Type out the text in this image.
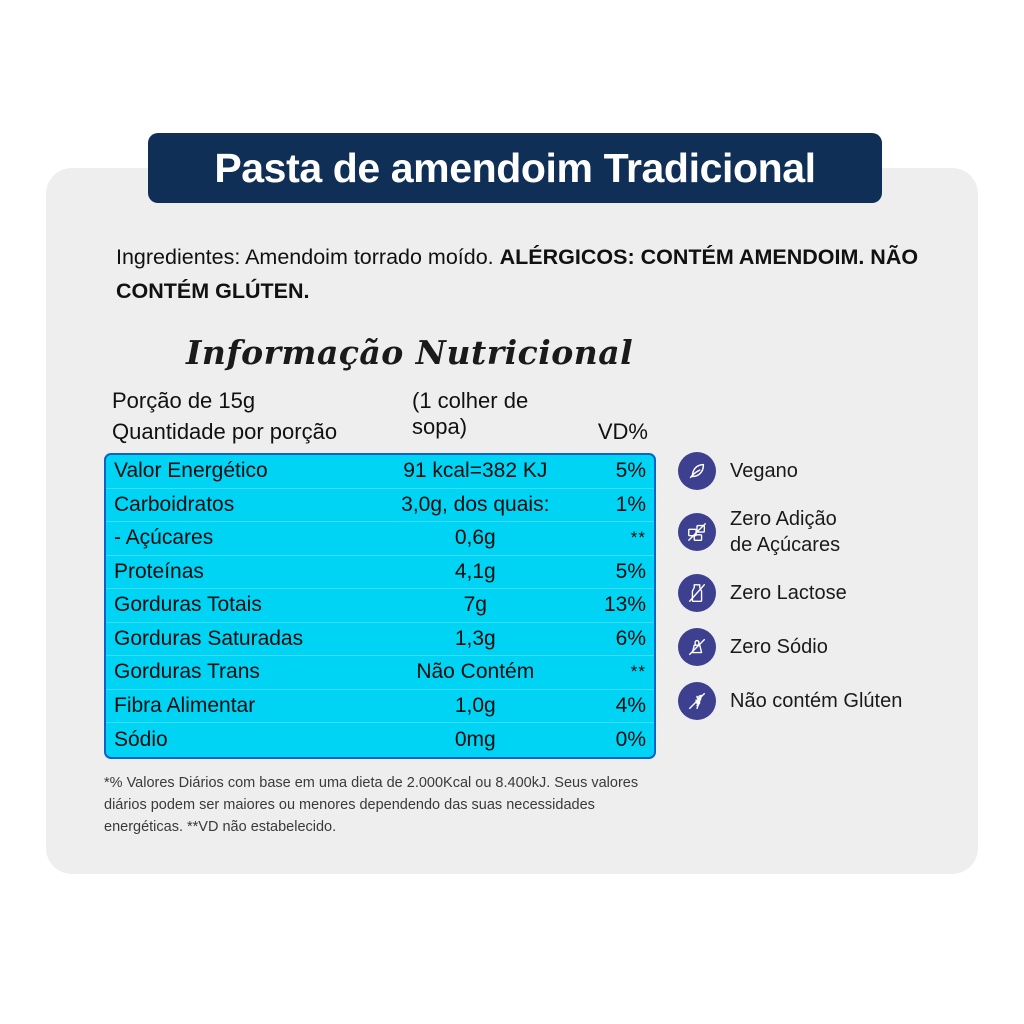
Pasta de amendoim Tradicional
Ingredientes: Amendoim torrado moído. ALÉRGICOS: CONTÉM AMENDOIM. NÃO CONTÉM GLÚTEN.
Informação Nutricional
Porção de 15g	(1 colher de sopa)
Quantidade por porção	VD%
Valor Energético	91 kcal=382 KJ	5%
Carboidratos	3,0g, dos quais:	1%
- Açúcares	0,6g	**
Proteínas	4,1g	5%
Gorduras Totais	7g	13%
Gorduras Saturadas	1,3g	6%
Gorduras Trans	Não Contém	**
Fibra Alimentar	1,0g	4%
Sódio	0mg	0%
*% Valores Diários com base em uma dieta de 2.000Kcal ou 8.400kJ. Seus valores diários podem ser maiores ou menores dependendo das suas necessidades energéticas. **VD não estabelecido.
Vegano
Zero Adição
de Açúcares
Zero Lactose
Zero Sódio
Não contém Glúten
